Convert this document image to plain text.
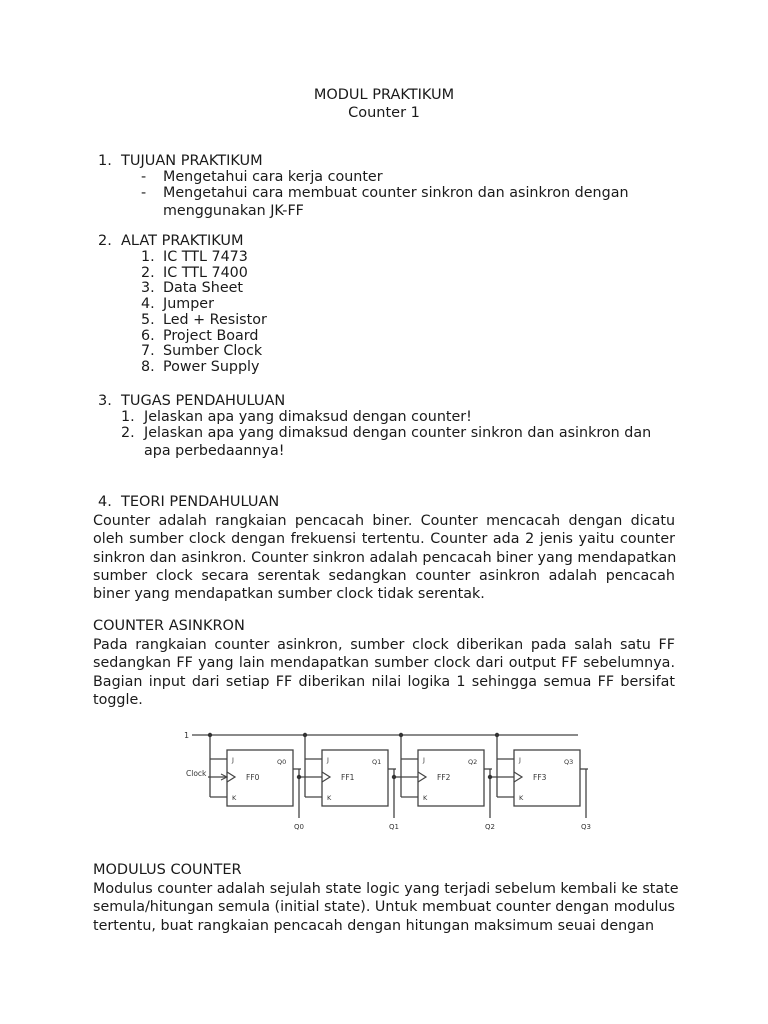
MODUL PRAKTIKUM
Counter 1
1. TUJUAN PRAKTIKUM
- Mengetahui cara kerja counter
- Mengetahui cara membuat counter sinkron dan asinkron dengan
menggunakan JK-FF
2. ALAT PRAKTIKUM
1. IC TTL 7473
2. IC TTL 7400
3. Data Sheet
4. Jumper
5. Led + Resistor
6. Project Board
7. Sumber Clock
8. Power Supply
3. TUGAS PENDAHULUAN
1. Jelaskan apa yang dimaksud dengan counter!
2. Jelaskan apa yang dimaksud dengan counter sinkron dan asinkron dan
apa perbedaannya!
4. TEORI PENDAHULUAN
Counter adalah rangkaian pencacah biner. Counter mencacah dengan dicatu
oleh sumber clock dengan frekuensi tertentu. Counter ada 2 jenis yaitu counter
sinkron dan asinkron. Counter sinkron adalah pencacah biner yang mendapatkan
sumber clock secara serentak sedangkan counter asinkron adalah pencacah
biner yang mendapatkan sumber clock tidak serentak.
COUNTER ASINKRON
Pada rangkaian counter asinkron, sumber clock diberikan pada salah satu FF
sedangkan FF yang lain mendapatkan sumber clock dari output FF sebelumnya.
Bagian input dari setiap FF diberikan nilai logika 1 sehingga semua FF bersifat
toggle.
1
Clock
J
K
FF0
Q0
Q0
J
K
FF1
Q1
Q1
J
K
FF2
Q2
Q2
J
K
FF3
Q3
Q3
MODULUS COUNTER
Modulus counter adalah sejulah state logic yang terjadi sebelum kembali ke state
semula/hitungan semula (initial state). Untuk membuat counter dengan modulus
tertentu, buat rangkaian pencacah dengan hitungan maksimum seuai dengan
